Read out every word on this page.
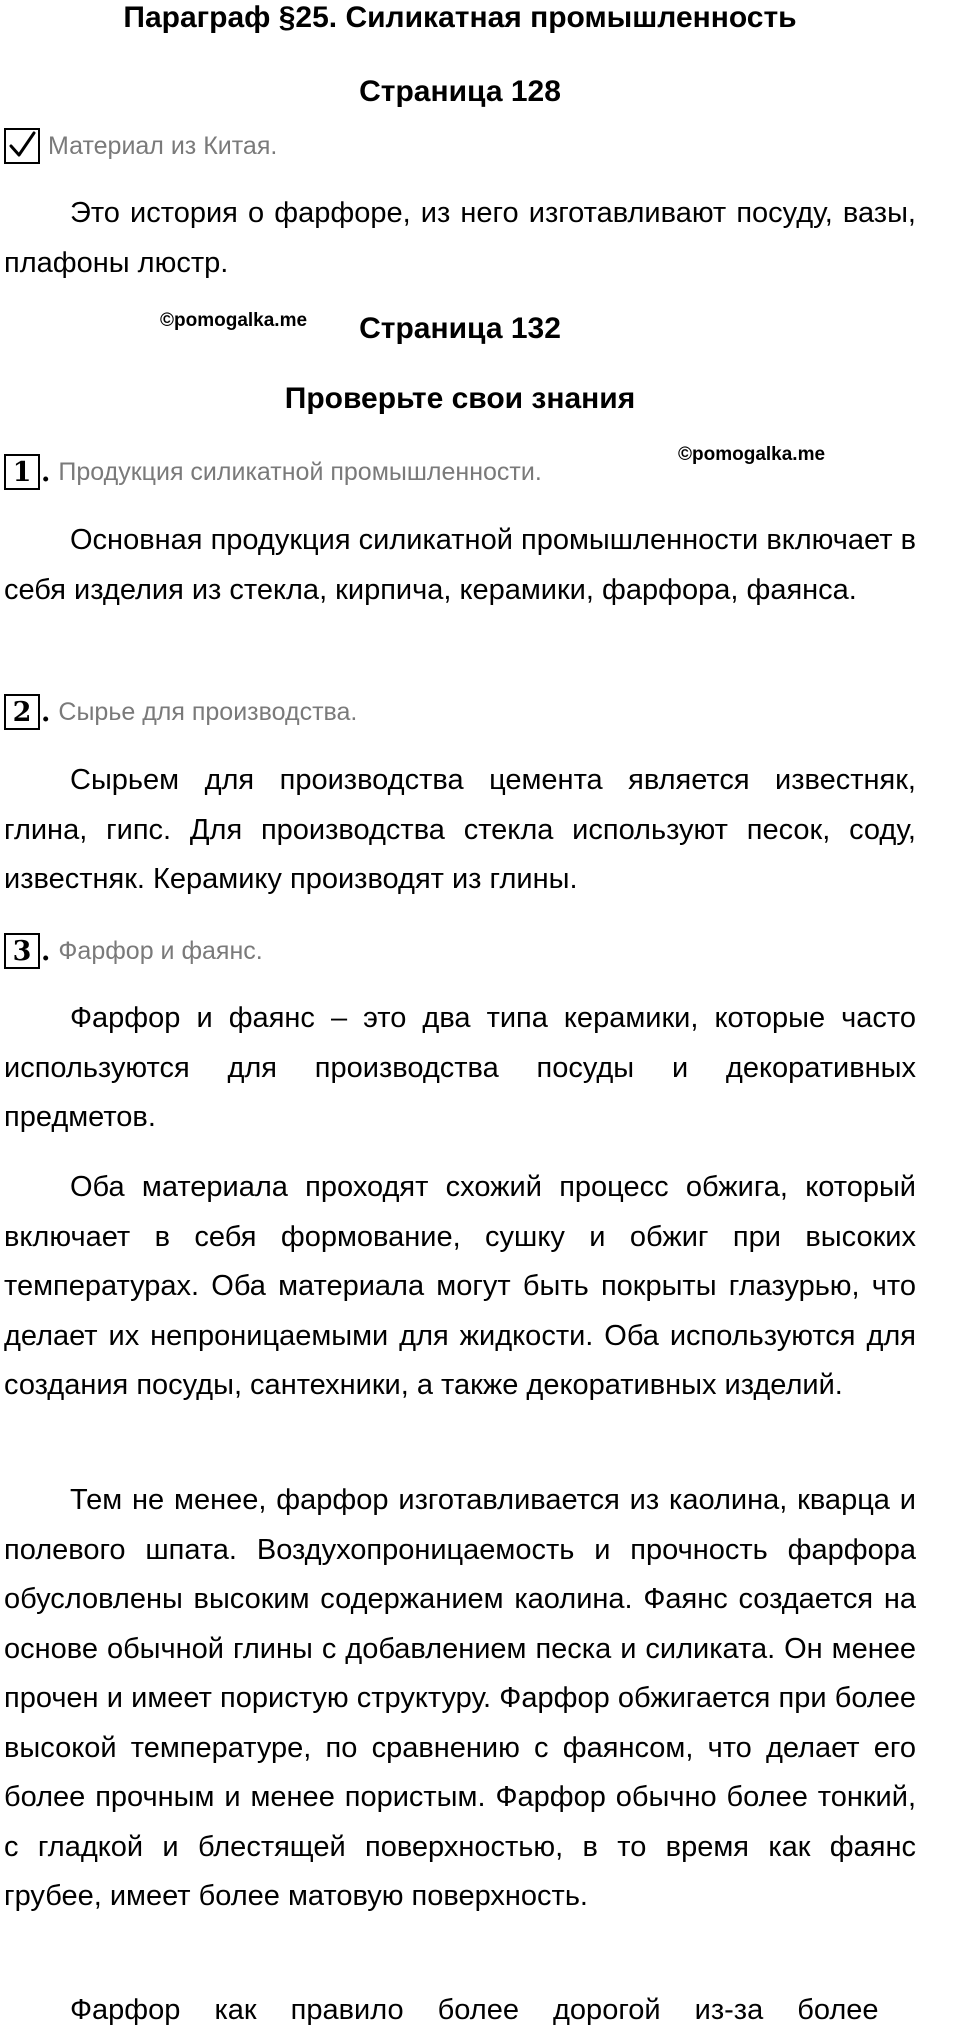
Параграф §25. Силикатная промышленность
Страница 128
Материал из Китая.

Это история о фарфоре, из него изготавливают посуду, вазы, плафоны люстр.

©pomogalka.me	Страница 132
Проверьте свои знания
1 . Продукция силикатной промышленности.
©pomogalka.me

Основная продукция силикатной промышленности включает в себя изделия из стекла, кирпича, керамики, фарфора, фаянса.

2 . Сырье для производства.

Сырьем для производства цемента является известняк, глина, гипс. Для производства стекла используют песок, соду, известняк. Керамику производят из глины.

3 . Фарфор и фаянс.

Фарфор и фаянс – это два типа керамики, которые часто используются для производства посуды и декоративных предметов.

Оба материала проходят схожий процесс обжига, который включает в себя формование, сушку и обжиг при высоких температурах. Оба материала могут быть покрыты глазурью, что делает их непроницаемыми для жидкости. Оба используются для создания посуды, сантехники, а также декоративных изделий.

Тем не менее, фарфор изготавливается из каолина, кварца и полевого шпата. Воздухопроницаемость и прочность фарфора обусловлены высоким содержанием каолина. Фаянс создается на основе обычной глины с добавлением песка и силиката. Он менее прочен и имеет пористую структуру. Фарфор обжигается при более высокой температуре, по сравнению с фаянсом, что делает его более прочным и менее пористым. Фарфор обычно более тонкий, с гладкой и блестящей поверхностью, в то время как фаянс грубее, имеет более матовую поверхность.

Фарфор как правило более дорогой из-за более
